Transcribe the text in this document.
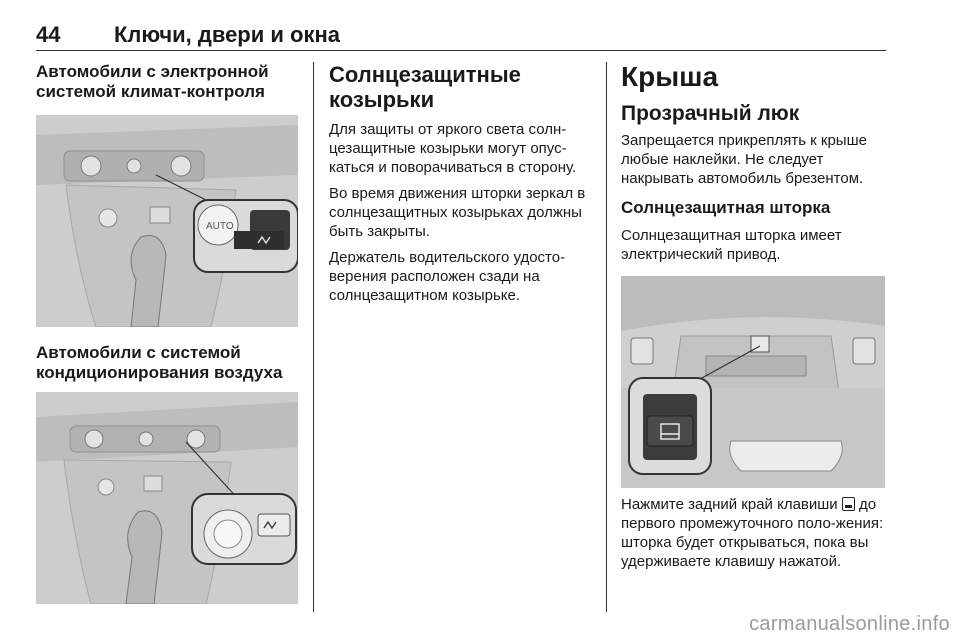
44 Ключи, двери и окна

Автомобили с электронной системой климат-контроля

AUTO

Автомобили с системой кондиционирования воздуха

Солнцезащитные козырьки

Для защиты от яркого света солн-цезащитные козырьки могут опус-каться и поворачиваться в сторону.

Во время движения шторки зеркал в солнцезащитных козырьках должны быть закрыты.

Держатель водительского удосто-верения расположен сзади на солнцезащитном козырьке.

Крыша

Прозрачный люк

Запрещается прикреплять к крыше любые наклейки. Не следует накрывать автомобиль брезентом.

Солнцезащитная шторка

Солнцезащитная шторка имеет электрический привод.

Нажмите задний край клавиши до первого промежуточного поло-жения: шторка будет открываться, пока вы удерживаете клавишу нажатой.

carmanualsonline.info
